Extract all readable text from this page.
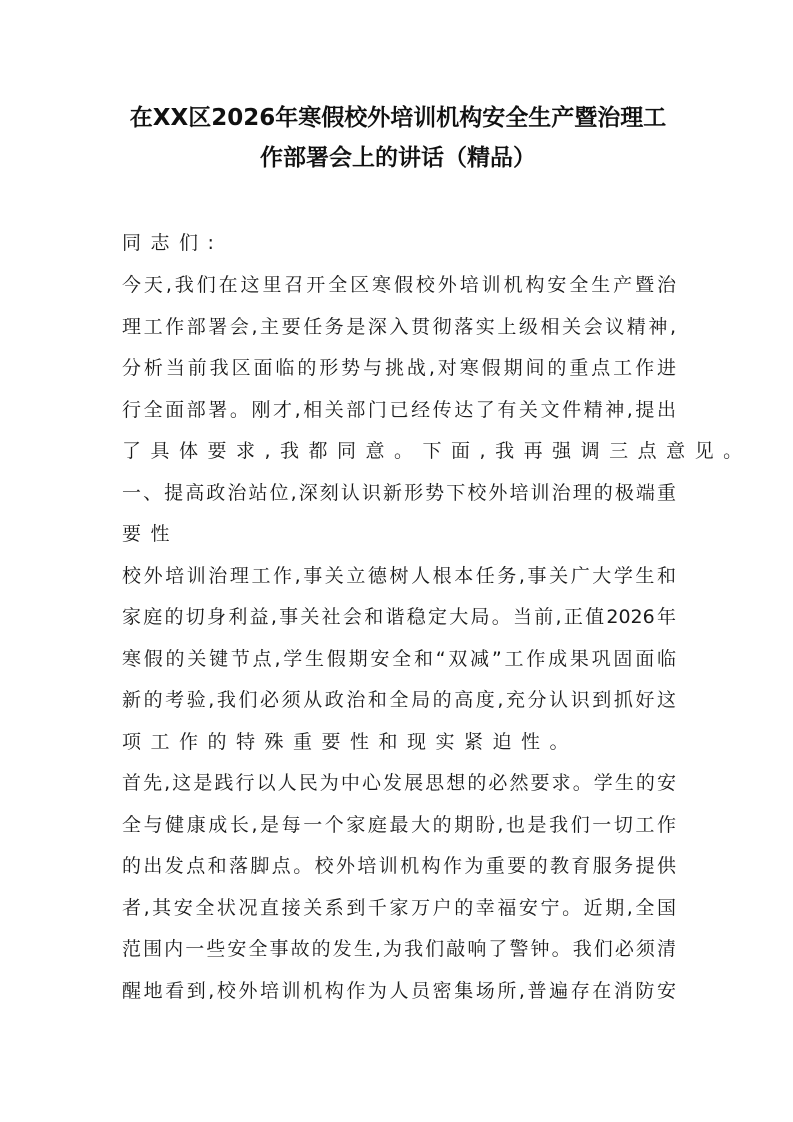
在XX区2026年寒假校外培训机构安全生产暨治理工
作部署会上的讲话（精品）
同志们:
今天,我们在这里召开全区寒假校外培训机构安全生产暨治
理工作部署会,主要任务是深入贯彻落实上级相关会议精神,
分析当前我区面临的形势与挑战,对寒假期间的重点工作进
行全面部署。刚才,相关部门已经传达了有关文件精神,提出
了具体要求,我都同意。下面,我再强调三点意见。
一、提高政治站位,深刻认识新形势下校外培训治理的极端重
要性
校外培训治理工作,事关立德树人根本任务,事关广大学生和
家庭的切身利益,事关社会和谐稳定大局。当前,正值2026年
寒假的关键节点,学生假期安全和“双减”工作成果巩固面临
新的考验,我们必须从政治和全局的高度,充分认识到抓好这
项工作的特殊重要性和现实紧迫性。
首先,这是践行以人民为中心发展思想的必然要求。学生的安
全与健康成长,是每一个家庭最大的期盼,也是我们一切工作
的出发点和落脚点。校外培训机构作为重要的教育服务提供
者,其安全状况直接关系到千家万户的幸福安宁。近期,全国
范围内一些安全事故的发生,为我们敲响了警钟。我们必须清
醒地看到,校外培训机构作为人员密集场所,普遍存在消防安
